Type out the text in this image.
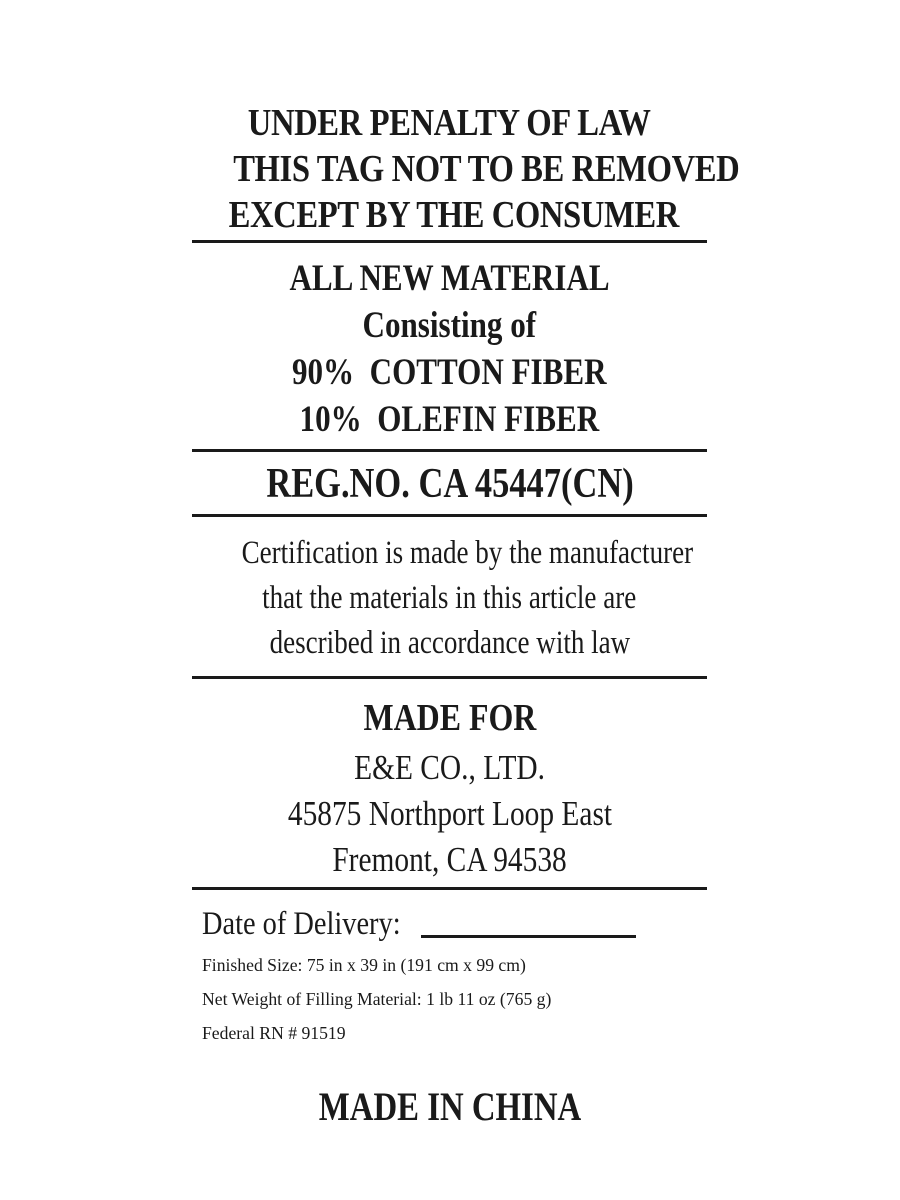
UNDER PENALTY OF LAW
THIS TAG NOT TO BE REMOVED
EXCEPT BY THE CONSUMER
ALL NEW MATERIAL
Consisting of
90%  COTTON FIBER
10%  OLEFIN FIBER
REG.NO. CA 45447(CN)
Certification is made by the manufacturer
that the materials in this article are
described in accordance with law
MADE FOR
E&E CO., LTD.
45875 Northport Loop East
Fremont, CA 94538
Date of Delivery:
Finished Size: 75 in x 39 in (191 cm x 99 cm)
Net Weight of Filling Material: 1 lb 11 oz (765 g)
Federal RN # 91519
MADE IN CHINA
